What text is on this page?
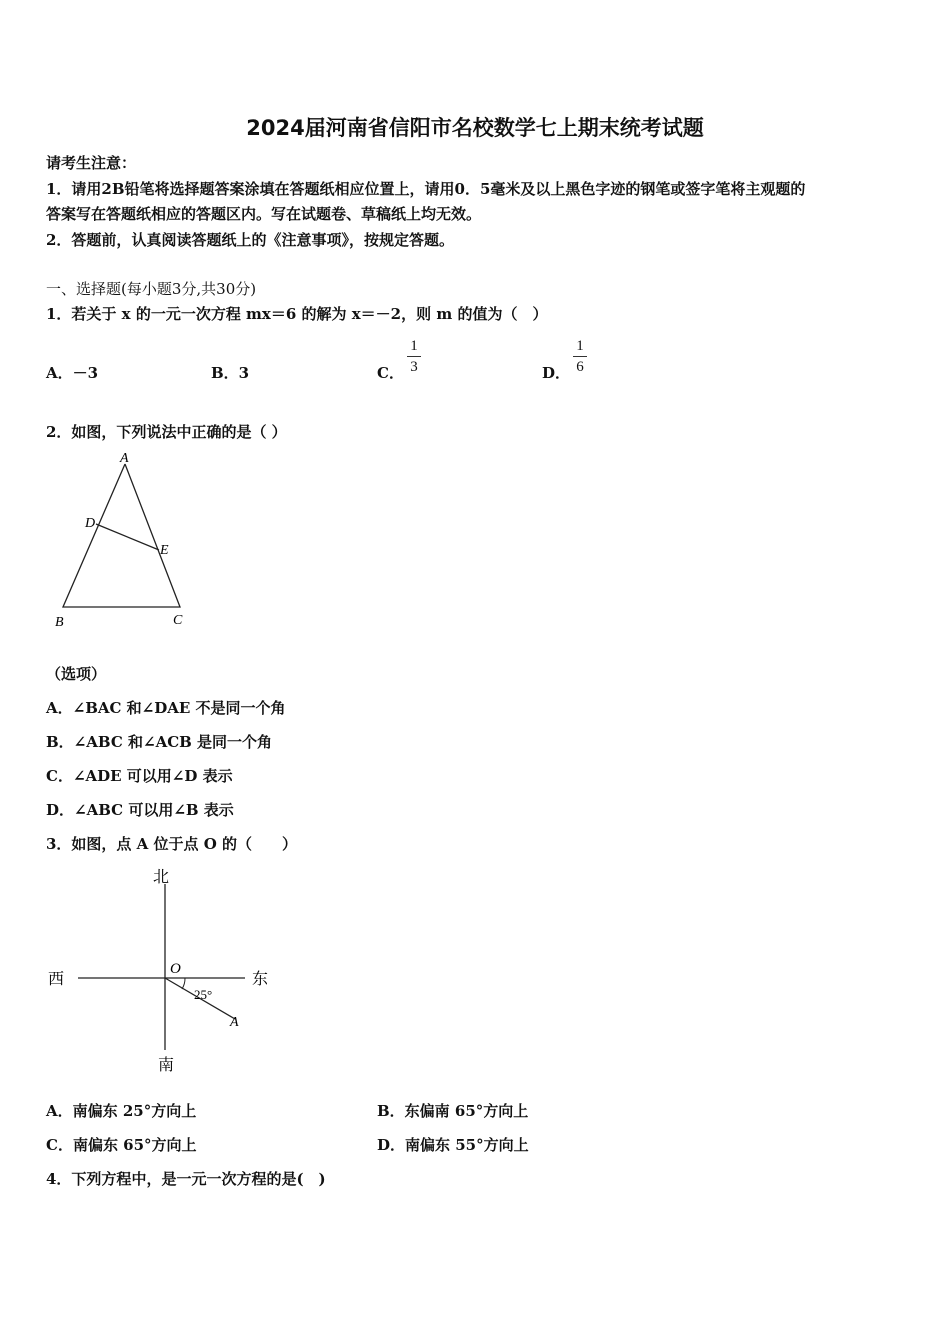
2024届河南省信阳市名校数学七上期末统考试题
请考生注意：
1．请用2B铅笔将选择题答案涂填在答题纸相应位置上，请用0．5毫米及以上黑色字迹的钢笔或签字笔将主观题的
答案写在答题纸相应的答题区内。写在试题卷、草稿纸上均无效。
2．答题前，认真阅读答题纸上的《注意事项》，按规定答题。
一、选择题(每小题3分,共30分)
1．若关于 x 的一元一次方程 mx＝6 的解为 x＝－2，则 m 的值为（　）
A．－3	B．3	C．
1
3	D．
1
6
2．如图，下列说法中正确的是（ ）
A
D
E
B	C
（选项）
A．∠BAC 和∠DAE 不是同一个角
B．∠ABC 和∠ACB 是同一个角
C．∠ADE 可以用∠D 表示
D．∠ABC 可以用∠B 表示
3．如图，点 A 位于点 O 的（　　）
北
南
西	东
O
A
25°
A．南偏东 25°方向上	B．东偏南 65°方向上
C．南偏东 65°方向上	D．南偏东 55°方向上
4．下列方程中，是一元一次方程的是(　)
